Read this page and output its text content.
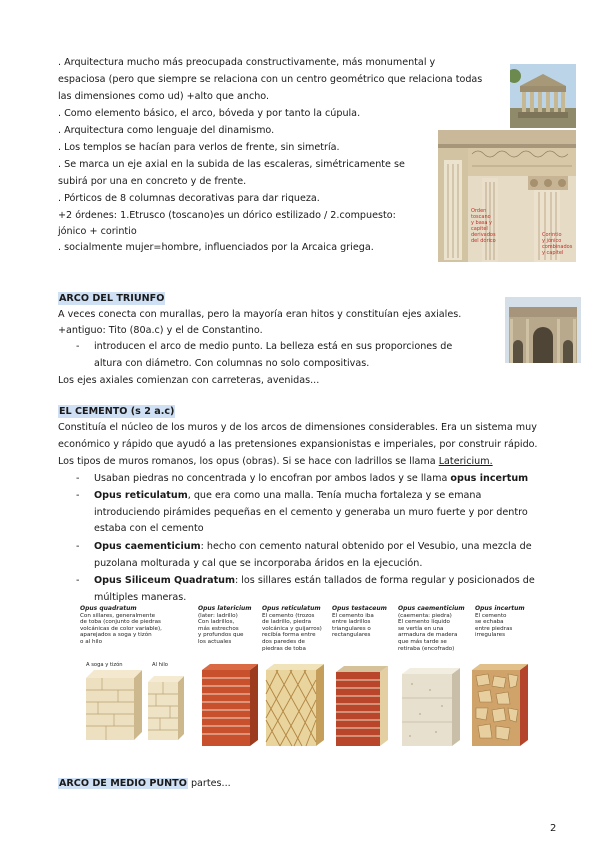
. Arquitectura mucho más preocupada constructivamente, más monumental y

espaciosa (pero que siempre se relaciona con un centro geométrico que relaciona todas

las dimensiones como ud) +alto que ancho.

. Como elemento básico, el arco, bóveda y por tanto la cúpula.

. Arquitectura como lenguaje del dinamismo.

. Los templos se hacían para verlos de frente, sin simetría.

. Se marca un eje axial en la subida de las escaleras, simétricamente se

subirá por una en concreto y de frente.

. Pórticos de 8 columnas decorativas para dar riqueza.

+2 órdenes: 1.Etrusco (toscano)es un dórico estilizado / 2.compuesto:

jónico + corintio

. socialmente mujer=hombre, influenciados por la Arcaica griega.

Orden
toscano
y basa y
capitel
derivados
del dórico
Corintio
y jónico
combinados
y capitel
ARCO DEL TRIUNFO

A veces conecta con murallas, pero la mayoría eran hitos y constituían ejes axiales.

+antiguo: Tito (80a.c) y el de Constantino.

- introducen el arco de medio punto. La belleza está en sus proporciones de

altura con diámetro. Con columnas no solo compositivas.

Los ejes axiales comienzan con carreteras, avenidas...

EL CEMENTO (s 2 a.c)

Constituía el núcleo de los muros y de los arcos de dimensiones considerables. Era un sistema muy

económico y rápido que ayudó a las pretensiones expansionistas e imperiales, por construir rápido.

Los tipos de muros romanos, los opus (obras). Si se hace con ladrillos se llama Latericium.

- Usaban piedras no concentrada y lo encofran por ambos lados y se llama opus incertum

- Opus reticulatum, que era como una malla. Tenía mucha fortaleza y se emana

introduciendo pirámides pequeñas en el cemento y generaba un muro fuerte y por dentro

estaba con el cemento

- Opus caementicium: hecho con cemento natural obtenido por el Vesubio, una mezcla de

puzolana molturada y cal que se incorporaba áridos en la ejecución.

- Opus Siliceum Quadratum: los sillares están tallados de forma regular y posicionados de

múltiples maneras.

Opus quadratum
Con sillares, generalmente
de toba (conjunto de piedras
volcánicas de color variable),
aparejados a soga y tizón
o al hilo
Opus latericium
(later: ladrillo)
Con ladrillos,
más estrechos
y profundos que
los actuales
Opus reticulatum
El cemento (trozos
de ladrillo, piedra
volcánica y guijarros)
recibía forma entre
dos paredes de
piedras de toba
Opus testaceum
El cemento iba
entre ladrillos
triangulares o
rectangulares
Opus caementicium
(caementa: piedra)
El cemento líquido
se vertía en una
armadura de madera
que más tarde se
retiraba (encofrado)
Opus incertum
El cemento
se echaba
entre piedras
irregulares
A soga y tizón	Al hilo

ARCO DE MEDIO PUNTO partes...

2
